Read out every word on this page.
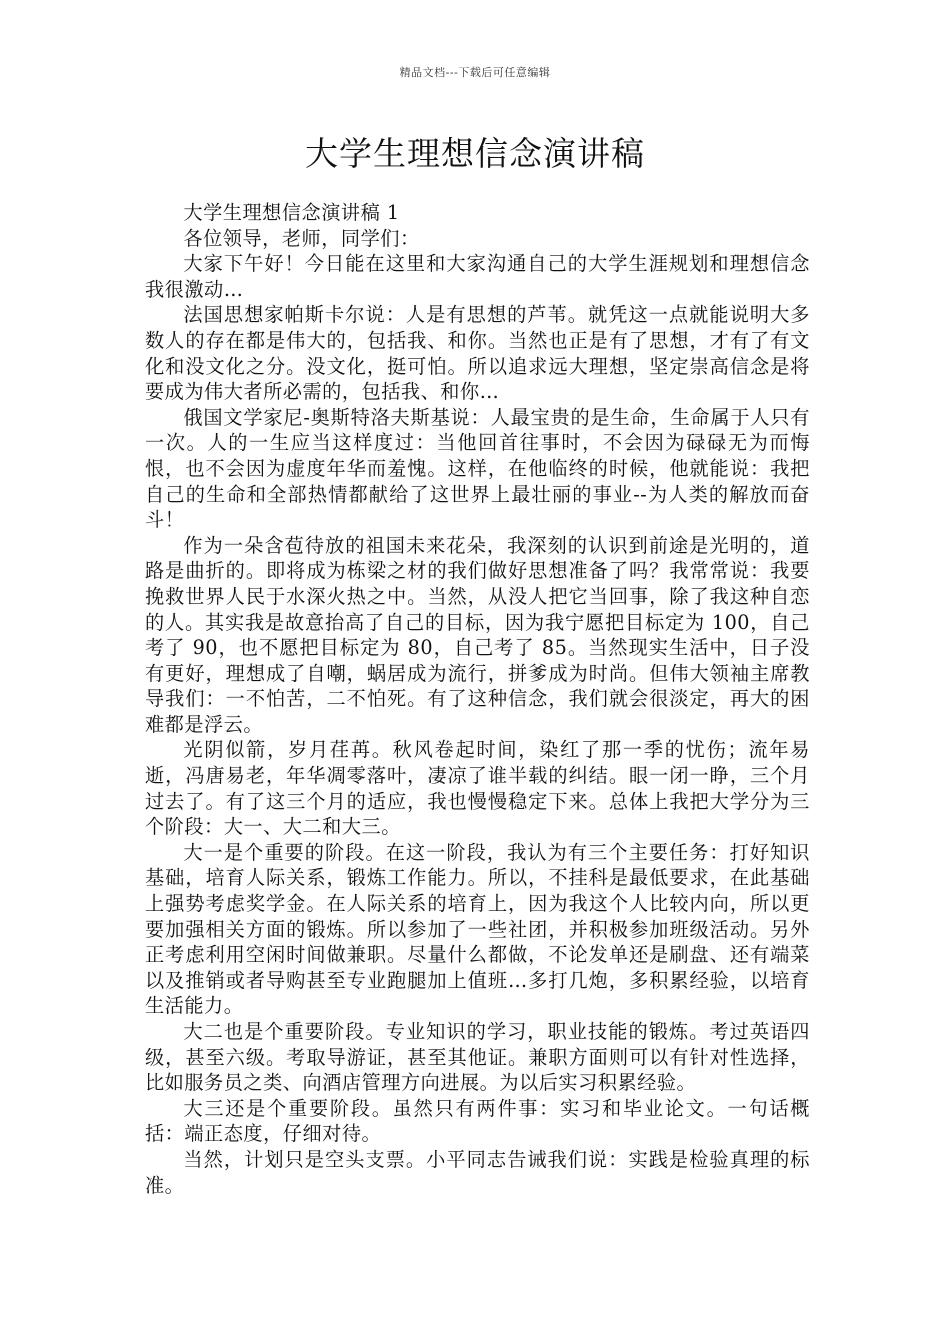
精品文档---下载后可任意编辑
大学生理想信念演讲稿

大学生理想信念演讲稿 1

各位领导，老师，同学们：

大家下午好！今日能在这里和大家沟通自己的大学生涯规划和理想信念我很激动…

法国思想家帕斯卡尔说：人是有思想的芦苇。就凭这一点就能说明大多数人的存在都是伟大的，包括我、和你。当然也正是有了思想，才有了有文化和没文化之分。没文化，挺可怕。所以追求远大理想，坚定崇高信念是将要成为伟大者所必需的，包括我、和你…

俄国文学家尼-奥斯特洛夫斯基说：人最宝贵的是生命，生命属于人只有一次。人的一生应当这样度过：当他回首往事时，不会因为碌碌无为而悔恨，也不会因为虚度年华而羞愧。这样，在他临终的时候，他就能说：我把自己的生命和全部热情都献给了这世界上最壮丽的事业--为人类的解放而奋斗！

作为一朵含苞待放的祖国未来花朵，我深刻的认识到前途是光明的，道路是曲折的。即将成为栋梁之材的我们做好思想准备了吗？我常常说：我要挽救世界人民于水深火热之中。当然，从没人把它当回事，除了我这种自恋的人。其实我是故意抬高了自己的目标，因为我宁愿把目标定为 100，自己考了 90，也不愿把目标定为 80，自己考了 85。当然现实生活中，日子没有更好，理想成了自嘲，蜗居成为流行，拼爹成为时尚。但伟大领袖主席教导我们：一不怕苦，二不怕死。有了这种信念，我们就会很淡定，再大的困难都是浮云。

光阴似箭，岁月荏苒。秋风卷起时间，染红了那一季的忧伤；流年易逝，冯唐易老，年华凋零落叶，凄凉了谁半载的纠结。眼一闭一睁，三个月过去了。有了这三个月的适应，我也慢慢稳定下来。总体上我把大学分为三个阶段：大一、大二和大三。

大一是个重要的阶段。在这一阶段，我认为有三个主要任务：打好知识基础，培育人际关系，锻炼工作能力。所以，不挂科是最低要求，在此基础上强势考虑奖学金。在人际关系的培育上，因为我这个人比较内向，所以更要加强相关方面的锻炼。所以参加了一些社团，并积极参加班级活动。另外正考虑利用空闲时间做兼职。尽量什么都做，不论发单还是刷盘、还有端菜以及推销或者导购甚至专业跑腿加上值班…多打几炮，多积累经验，以培育生活能力。

大二也是个重要阶段。专业知识的学习，职业技能的锻炼。考过英语四级，甚至六级。考取导游证，甚至其他证。兼职方面则可以有针对性选择，比如服务员之类、向酒店管理方向进展。为以后实习积累经验。

大三还是个重要阶段。虽然只有两件事：实习和毕业论文。一句话概括：端正态度，仔细对待。

当然，计划只是空头支票。小平同志告诫我们说：实践是检验真理的标准。
